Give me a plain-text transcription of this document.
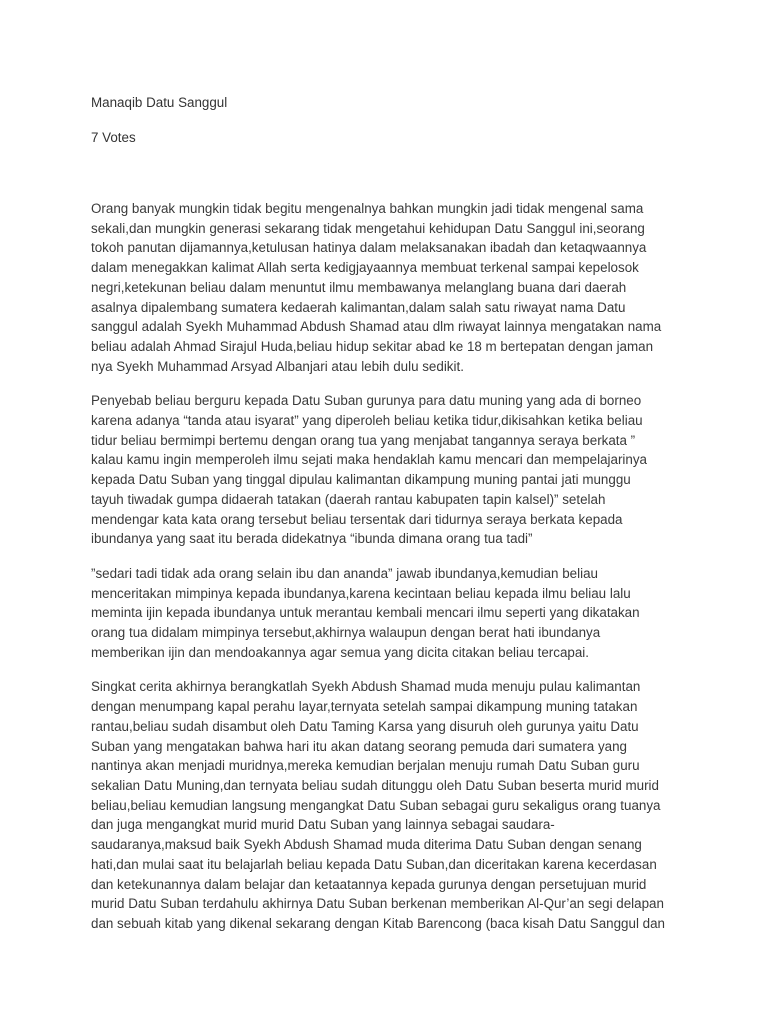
Manaqib Datu Sanggul
7 Votes
Orang banyak mungkin tidak begitu mengenalnya bahkan mungkin jadi tidak mengenal sama
sekali,dan mungkin generasi sekarang tidak mengetahui kehidupan Datu Sanggul ini,seorang
tokoh panutan dijamannya,ketulusan hatinya dalam melaksanakan ibadah dan ketaqwaannya
dalam menegakkan kalimat Allah serta kedigjayaannya membuat terkenal sampai kepelosok
negri,ketekunan beliau dalam menuntut ilmu membawanya melanglang buana dari daerah
asalnya dipalembang sumatera kedaerah kalimantan,dalam salah satu riwayat nama Datu
sanggul adalah Syekh Muhammad Abdush Shamad atau dlm riwayat lainnya mengatakan nama
beliau adalah Ahmad Sirajul Huda,beliau hidup sekitar abad ke 18 m bertepatan dengan jaman
nya Syekh Muhammad Arsyad Albanjari atau lebih dulu sedikit.
Penyebab beliau berguru kepada Datu Suban gurunya para datu muning yang ada di borneo
karena adanya “tanda atau isyarat” yang diperoleh beliau ketika tidur,dikisahkan ketika beliau
tidur beliau bermimpi bertemu dengan orang tua yang menjabat tangannya seraya berkata ”
kalau kamu ingin memperoleh ilmu sejati maka hendaklah kamu mencari dan mempelajarinya
kepada Datu Suban yang tinggal dipulau kalimantan dikampung muning pantai jati munggu
tayuh tiwadak gumpa didaerah tatakan (daerah rantau kabupaten tapin kalsel)” setelah
mendengar kata kata orang tersebut beliau tersentak dari tidurnya seraya berkata kepada
ibundanya yang saat itu berada didekatnya “ibunda dimana orang tua tadi”
”sedari tadi tidak ada orang selain ibu dan ananda” jawab ibundanya,kemudian beliau
menceritakan mimpinya kepada ibundanya,karena kecintaan beliau kepada ilmu beliau lalu
meminta ijin kepada ibundanya untuk merantau kembali mencari ilmu seperti yang dikatakan
orang tua didalam mimpinya tersebut,akhirnya walaupun dengan berat hati ibundanya
memberikan ijin dan mendoakannya agar semua yang dicita citakan beliau tercapai.
Singkat cerita akhirnya berangkatlah Syekh Abdush Shamad muda menuju pulau kalimantan
dengan menumpang kapal perahu layar,ternyata setelah sampai dikampung muning tatakan
rantau,beliau sudah disambut oleh Datu Taming Karsa yang disuruh oleh gurunya yaitu Datu
Suban yang mengatakan bahwa hari itu akan datang seorang pemuda dari sumatera yang
nantinya akan menjadi muridnya,mereka kemudian berjalan menuju rumah Datu Suban guru
sekalian Datu Muning,dan ternyata beliau sudah ditunggu oleh Datu Suban beserta murid murid
beliau,beliau kemudian langsung mengangkat Datu Suban sebagai guru sekaligus orang tuanya
dan juga mengangkat murid murid Datu Suban yang lainnya sebagai saudara-
saudaranya,maksud baik Syekh Abdush Shamad muda diterima Datu Suban dengan senang
hati,dan mulai saat itu belajarlah beliau kepada Datu Suban,dan diceritakan karena kecerdasan
dan ketekunannya dalam belajar dan ketaatannya kepada gurunya dengan persetujuan murid
murid Datu Suban terdahulu akhirnya Datu Suban berkenan memberikan Al-Qur’an segi delapan
dan sebuah kitab yang dikenal sekarang dengan Kitab Barencong (baca kisah Datu Sanggul dan
